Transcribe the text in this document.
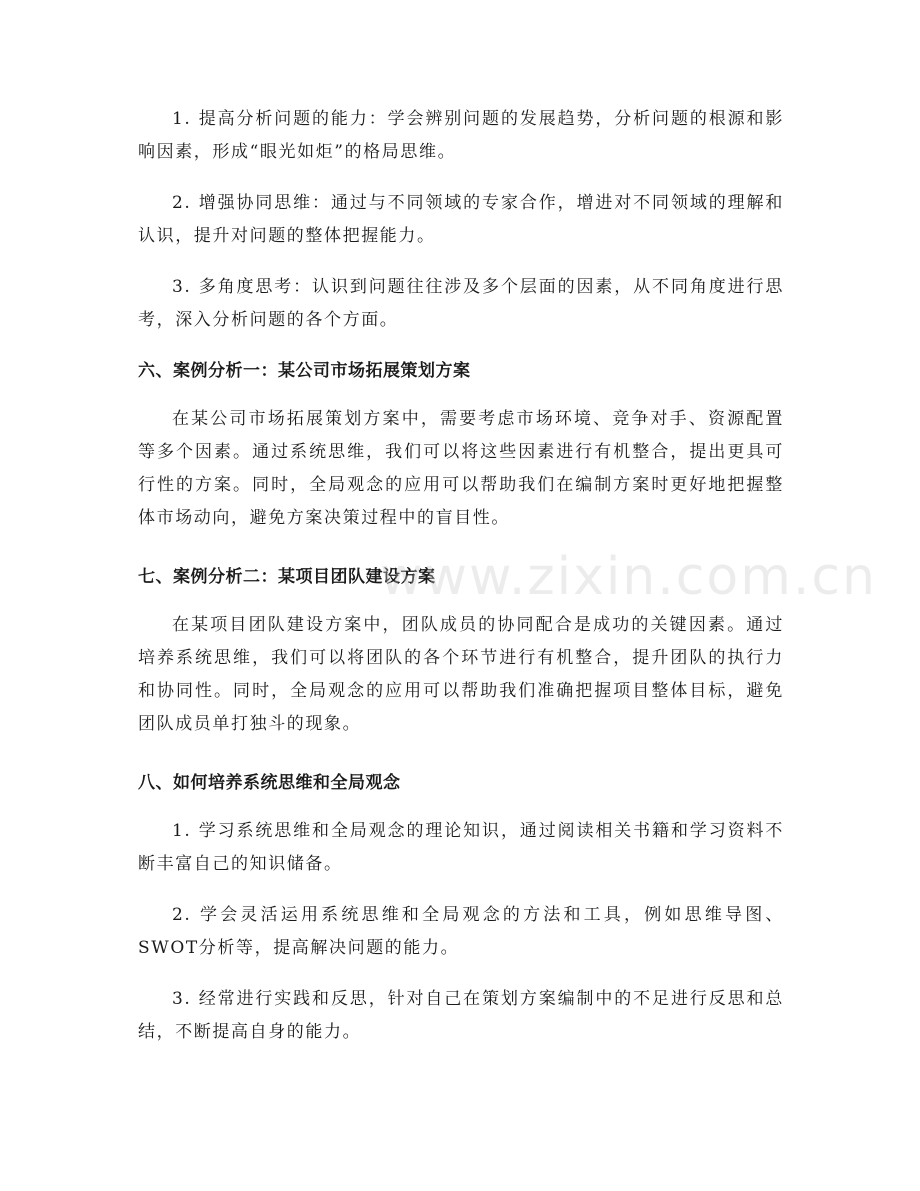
1. 提高分析问题的能力：学会辨别问题的发展趋势，分析问题的根源和影响因素，形成“眼光如炬”的格局思维。

2. 增强协同思维：通过与不同领域的专家合作，增进对不同领域的理解和认识，提升对问题的整体把握能力。

3. 多角度思考：认识到问题往往涉及多个层面的因素，从不同角度进行思考，深入分析问题的各个方面。

六、案例分析一：某公司市场拓展策划方案

在某公司市场拓展策划方案中，需要考虑市场环境、竞争对手、资源配置等多个因素。通过系统思维，我们可以将这些因素进行有机整合，提出更具可行性的方案。同时，全局观念的应用可以帮助我们在编制方案时更好地把握整体市场动向，避免方案决策过程中的盲目性。

七、案例分析二：某项目团队建设方案

在某项目团队建设方案中，团队成员的协同配合是成功的关键因素。通过培养系统思维，我们可以将团队的各个环节进行有机整合，提升团队的执行力和协同性。同时，全局观念的应用可以帮助我们准确把握项目整体目标，避免团队成员单打独斗的现象。

八、如何培养系统思维和全局观念

1. 学习系统思维和全局观念的理论知识，通过阅读相关书籍和学习资料不断丰富自己的知识储备。

2. 学会灵活运用系统思维和全局观念的方法和工具，例如思维导图、SWOT分析等，提高解决问题的能力。

3. 经常进行实践和反思，针对自己在策划方案编制中的不足进行反思和总结，不断提高自身的能力。

www.zixin.com.cn
